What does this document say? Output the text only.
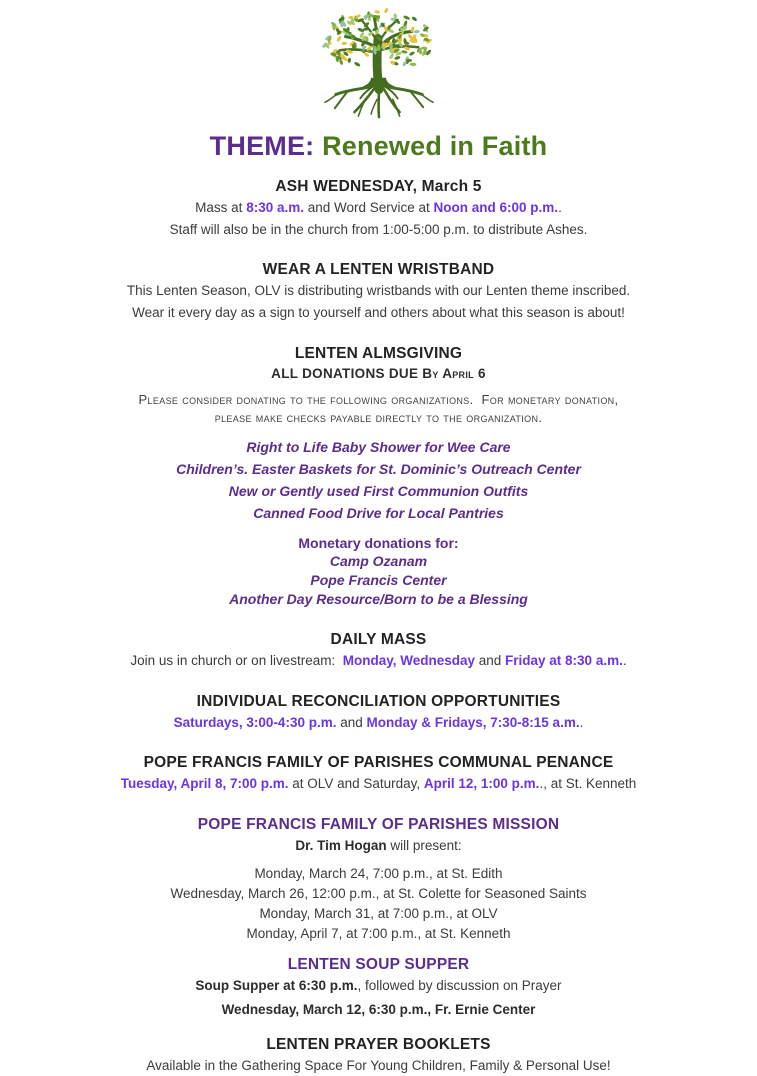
THEME: Renewed in Faith

ASH WEDNESDAY, March 5

Mass at 8:30 a.m. and Word Service at Noon and 6:00 p.m..

Staff will also be in the church from 1:00-5:00 p.m. to distribute Ashes.

WEAR A LENTEN WRISTBAND

This Lenten Season, OLV is distributing wristbands with our Lenten theme inscribed.

Wear it every day as a sign to yourself and others about what this season is about!

LENTEN ALMSGIVING

ALL DONATIONS DUE By April 6

Please consider donating to the following organizations.  For monetary donation,
please make checks payable directly to the organization.

Right to Life Baby Shower for Wee Care

Children’s. Easter Baskets for St. Dominic’s Outreach Center

New or Gently used First Communion Outfits

Canned Food Drive for Local Pantries

Monetary donations for:

Camp Ozanam

Pope Francis Center

Another Day Resource/Born to be a Blessing

DAILY MASS

Join us in church or on livestream:  Monday, Wednesday and Friday at 8:30 a.m..

INDIVIDUAL RECONCILIATION OPPORTUNITIES

Saturdays, 3:00-4:30 p.m. and Monday & Fridays, 7:30-8:15 a.m..

POPE FRANCIS FAMILY OF PARISHES COMMUNAL PENANCE

Tuesday, April 8, 7:00 p.m. at OLV and Saturday, April 12, 1:00 p.m.., at St. Kenneth

POPE FRANCIS FAMILY OF PARISHES MISSION

Dr. Tim Hogan will present:

Monday, March 24, 7:00 p.m., at St. Edith

Wednesday, March 26, 12:00 p.m., at St. Colette for Seasoned Saints

Monday, March 31, at 7:00 p.m., at OLV

Monday, April 7, at 7:00 p.m., at St. Kenneth

LENTEN SOUP SUPPER

Soup Supper at 6:30 p.m., followed by discussion on Prayer

Wednesday, March 12, 6:30 p.m., Fr. Ernie Center

LENTEN PRAYER BOOKLETS

Available in the Gathering Space For Young Children, Family & Personal Use!
